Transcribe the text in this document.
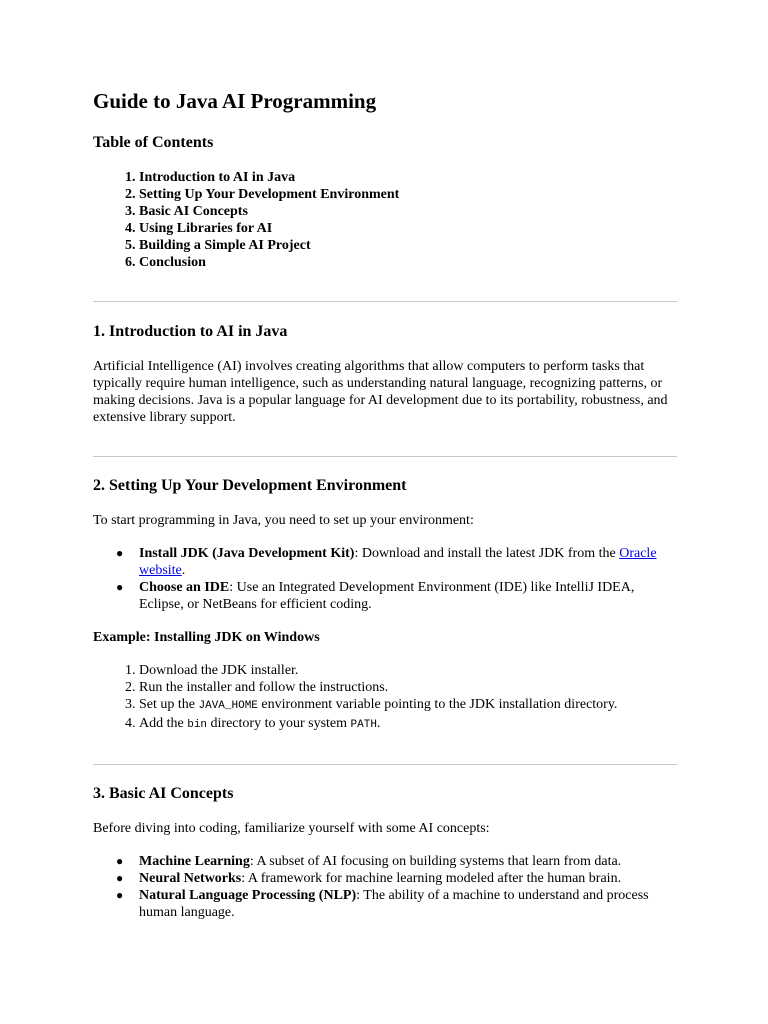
Guide to Java AI Programming
Table of Contents
1. Introduction to AI in Java
2. Setting Up Your Development Environment
3. Basic AI Concepts
4. Using Libraries for AI
5. Building a Simple AI Project
6. Conclusion
1. Introduction to AI in Java

Artificial Intelligence (AI) involves creating algorithms that allow computers to perform tasks that typically require human intelligence, such as understanding natural language, recognizing patterns, or making decisions. Java is a popular language for AI development due to its portability, robustness, and extensive library support.

2. Setting Up Your Development Environment

To start programming in Java, you need to set up your environment:

● Install JDK (Java Development Kit): Download and install the latest JDK from the Oracle website.
● Choose an IDE: Use an Integrated Development Environment (IDE) like IntelliJ IDEA, Eclipse, or NetBeans for efficient coding.

Example: Installing JDK on Windows

1. Download the JDK installer.
2. Run the installer and follow the instructions.
3. Set up the JAVA_HOME environment variable pointing to the JDK installation directory.
4. Add the bin directory to your system PATH.
3. Basic AI Concepts

Before diving into coding, familiarize yourself with some AI concepts:

● Machine Learning: A subset of AI focusing on building systems that learn from data.
● Neural Networks: A framework for machine learning modeled after the human brain.
● Natural Language Processing (NLP): The ability of a machine to understand and process human language.
